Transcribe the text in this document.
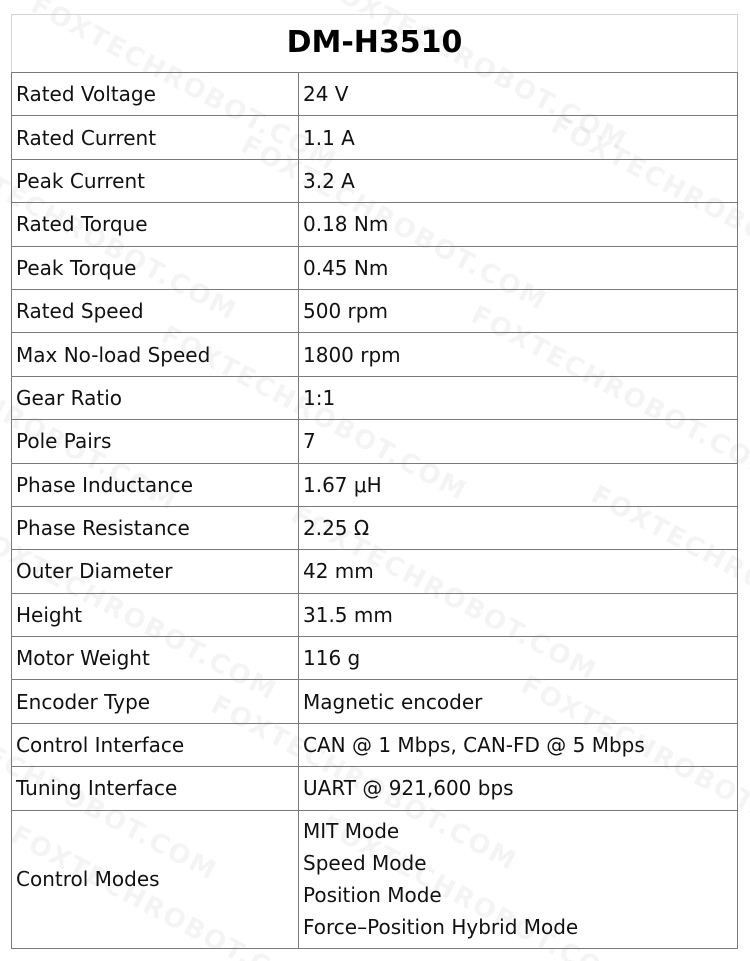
DM-H3510
Rated Voltage	24 V
Rated Current	1.1 A
Peak Current	3.2 A
Rated Torque	0.18 Nm
Peak Torque	0.45 Nm
Rated Speed	500 rpm
Max No-load Speed	1800 rpm
Gear Ratio	1:1
Pole Pairs	7
Phase Inductance	1.67 μH
Phase Resistance	2.25 Ω
Outer Diameter	42 mm
Height	31.5 mm
Motor Weight	116 g
Encoder Type	Magnetic encoder
Control Interface	CAN @ 1 Mbps, CAN-FD @ 5 Mbps
Tuning Interface	UART @ 921,600 bps
Control Modes	MIT Mode
Speed Mode
Position Mode
Force–Position Hybrid Mode
